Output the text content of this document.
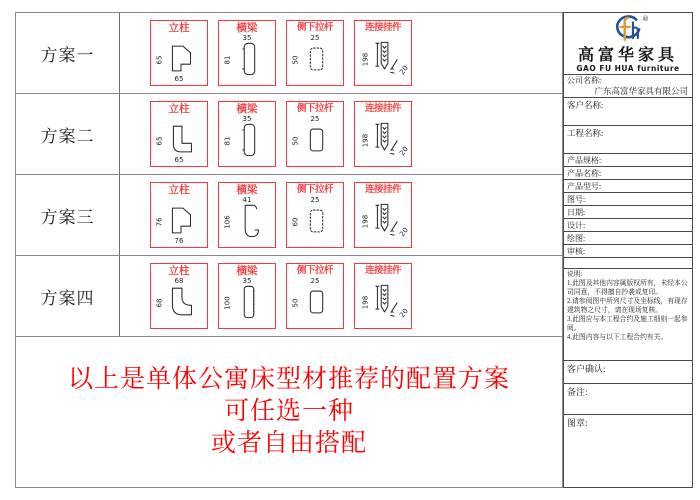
方案一
立柱
65
65
横梁
81
35
侧下拉杆
50
25
连接挂件
198
20
方案二
立柱
65
65
横梁
81
35
侧下拉杆
50
25
连接挂件
198
20
方案三
立柱
76
76
横梁
106
41
侧下拉杆
60
25
连接挂件
198
20
方案四
立柱
68
68
横梁
100
35
侧下拉杆
50
25
连接挂件
198
20
以上是单体公寓床型材推荐的配置方案
可任选一种
或者自由搭配
®
高富华家具
GAO FU HUA furniture
公司名称:
广东高富华家具有限公司
客户名称:
工程名称:
产品规格:
产品名称:
产品型号:
图号:
日期:
设计:
绘图:
审核:
说明:
1.此图及其他内容属版权所有，未经本公司同意，不得擅自抄袭或复印。
2.请参阅图中所列尺寸及坐标线，有现存建筑物之尺寸，请在现场复核。
3.此图应与本工程合约及施工细则一起参阅。
4.此图内容与以下工程合约有关。
客户确认:
备注:
图章:
